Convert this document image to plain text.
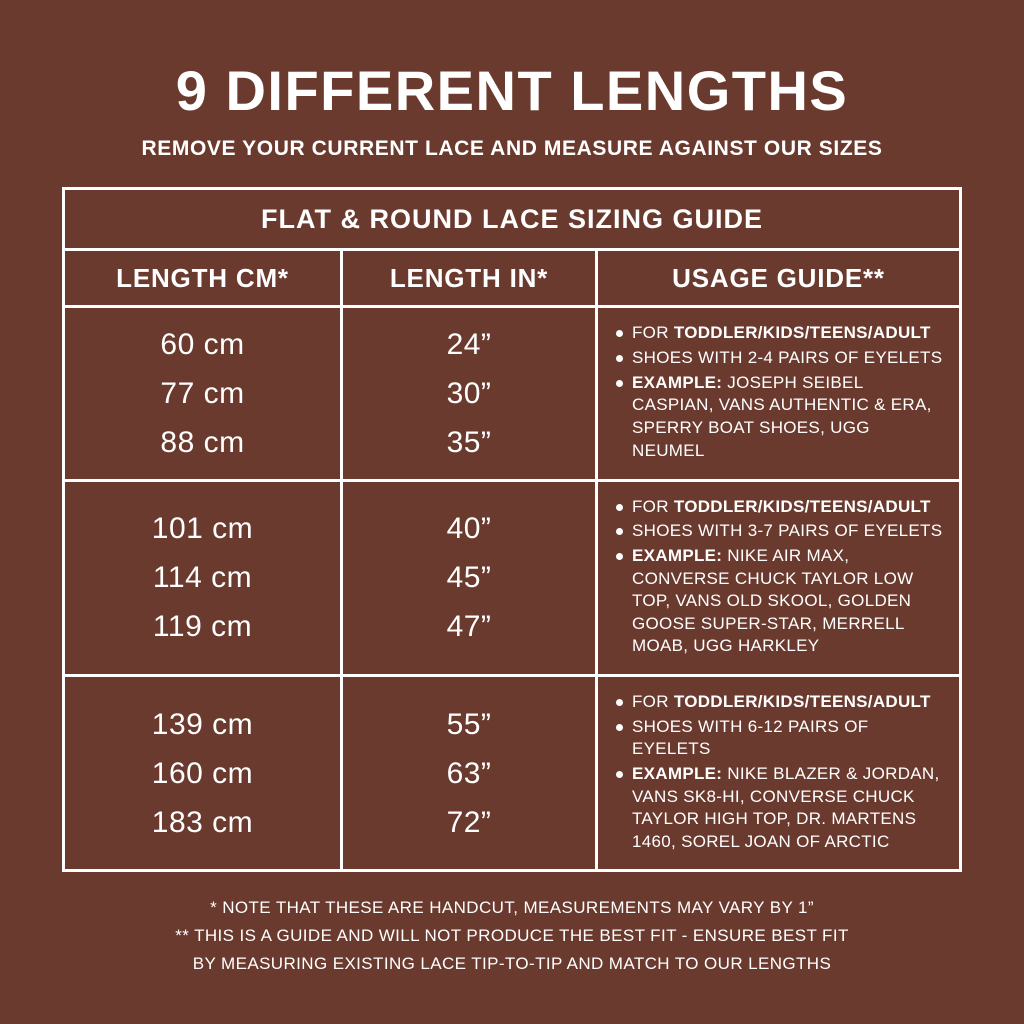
9 DIFFERENT LENGTHS
REMOVE YOUR CURRENT LACE AND MEASURE AGAINST OUR SIZES
FLAT & ROUND LACE SIZING GUIDE
LENGTH CM*	LENGTH IN*	USAGE GUIDE**
60 cm
77 cm
88 cm
24”
30”
35”
FOR TODDLER/KIDS/TEENS/ADULT
SHOES WITH 2-4 PAIRS OF EYELETS
EXAMPLE: JOSEPH SEIBEL CASPIAN, VANS AUTHENTIC & ERA, SPERRY BOAT SHOES, UGG NEUMEL
101 cm
114 cm
119 cm
40”
45”
47”
FOR TODDLER/KIDS/TEENS/ADULT
SHOES WITH 3-7 PAIRS OF EYELETS
EXAMPLE: NIKE AIR MAX, CONVERSE CHUCK TAYLOR LOW TOP, VANS OLD SKOOL, GOLDEN GOOSE SUPER-STAR, MERRELL MOAB, UGG HARKLEY
139 cm
160 cm
183 cm
55”
63”
72”
FOR TODDLER/KIDS/TEENS/ADULT
SHOES WITH 6-12 PAIRS OF EYELETS
EXAMPLE: NIKE BLAZER & JORDAN, VANS SK8-HI, CONVERSE CHUCK TAYLOR HIGH TOP, DR. MARTENS 1460, SOREL JOAN OF ARCTIC
* NOTE THAT THESE ARE HANDCUT, MEASUREMENTS MAY VARY BY 1”
** THIS IS A GUIDE AND WILL NOT PRODUCE THE BEST FIT - ENSURE BEST FIT
BY MEASURING EXISTING LACE TIP-TO-TIP AND MATCH TO OUR LENGTHS
